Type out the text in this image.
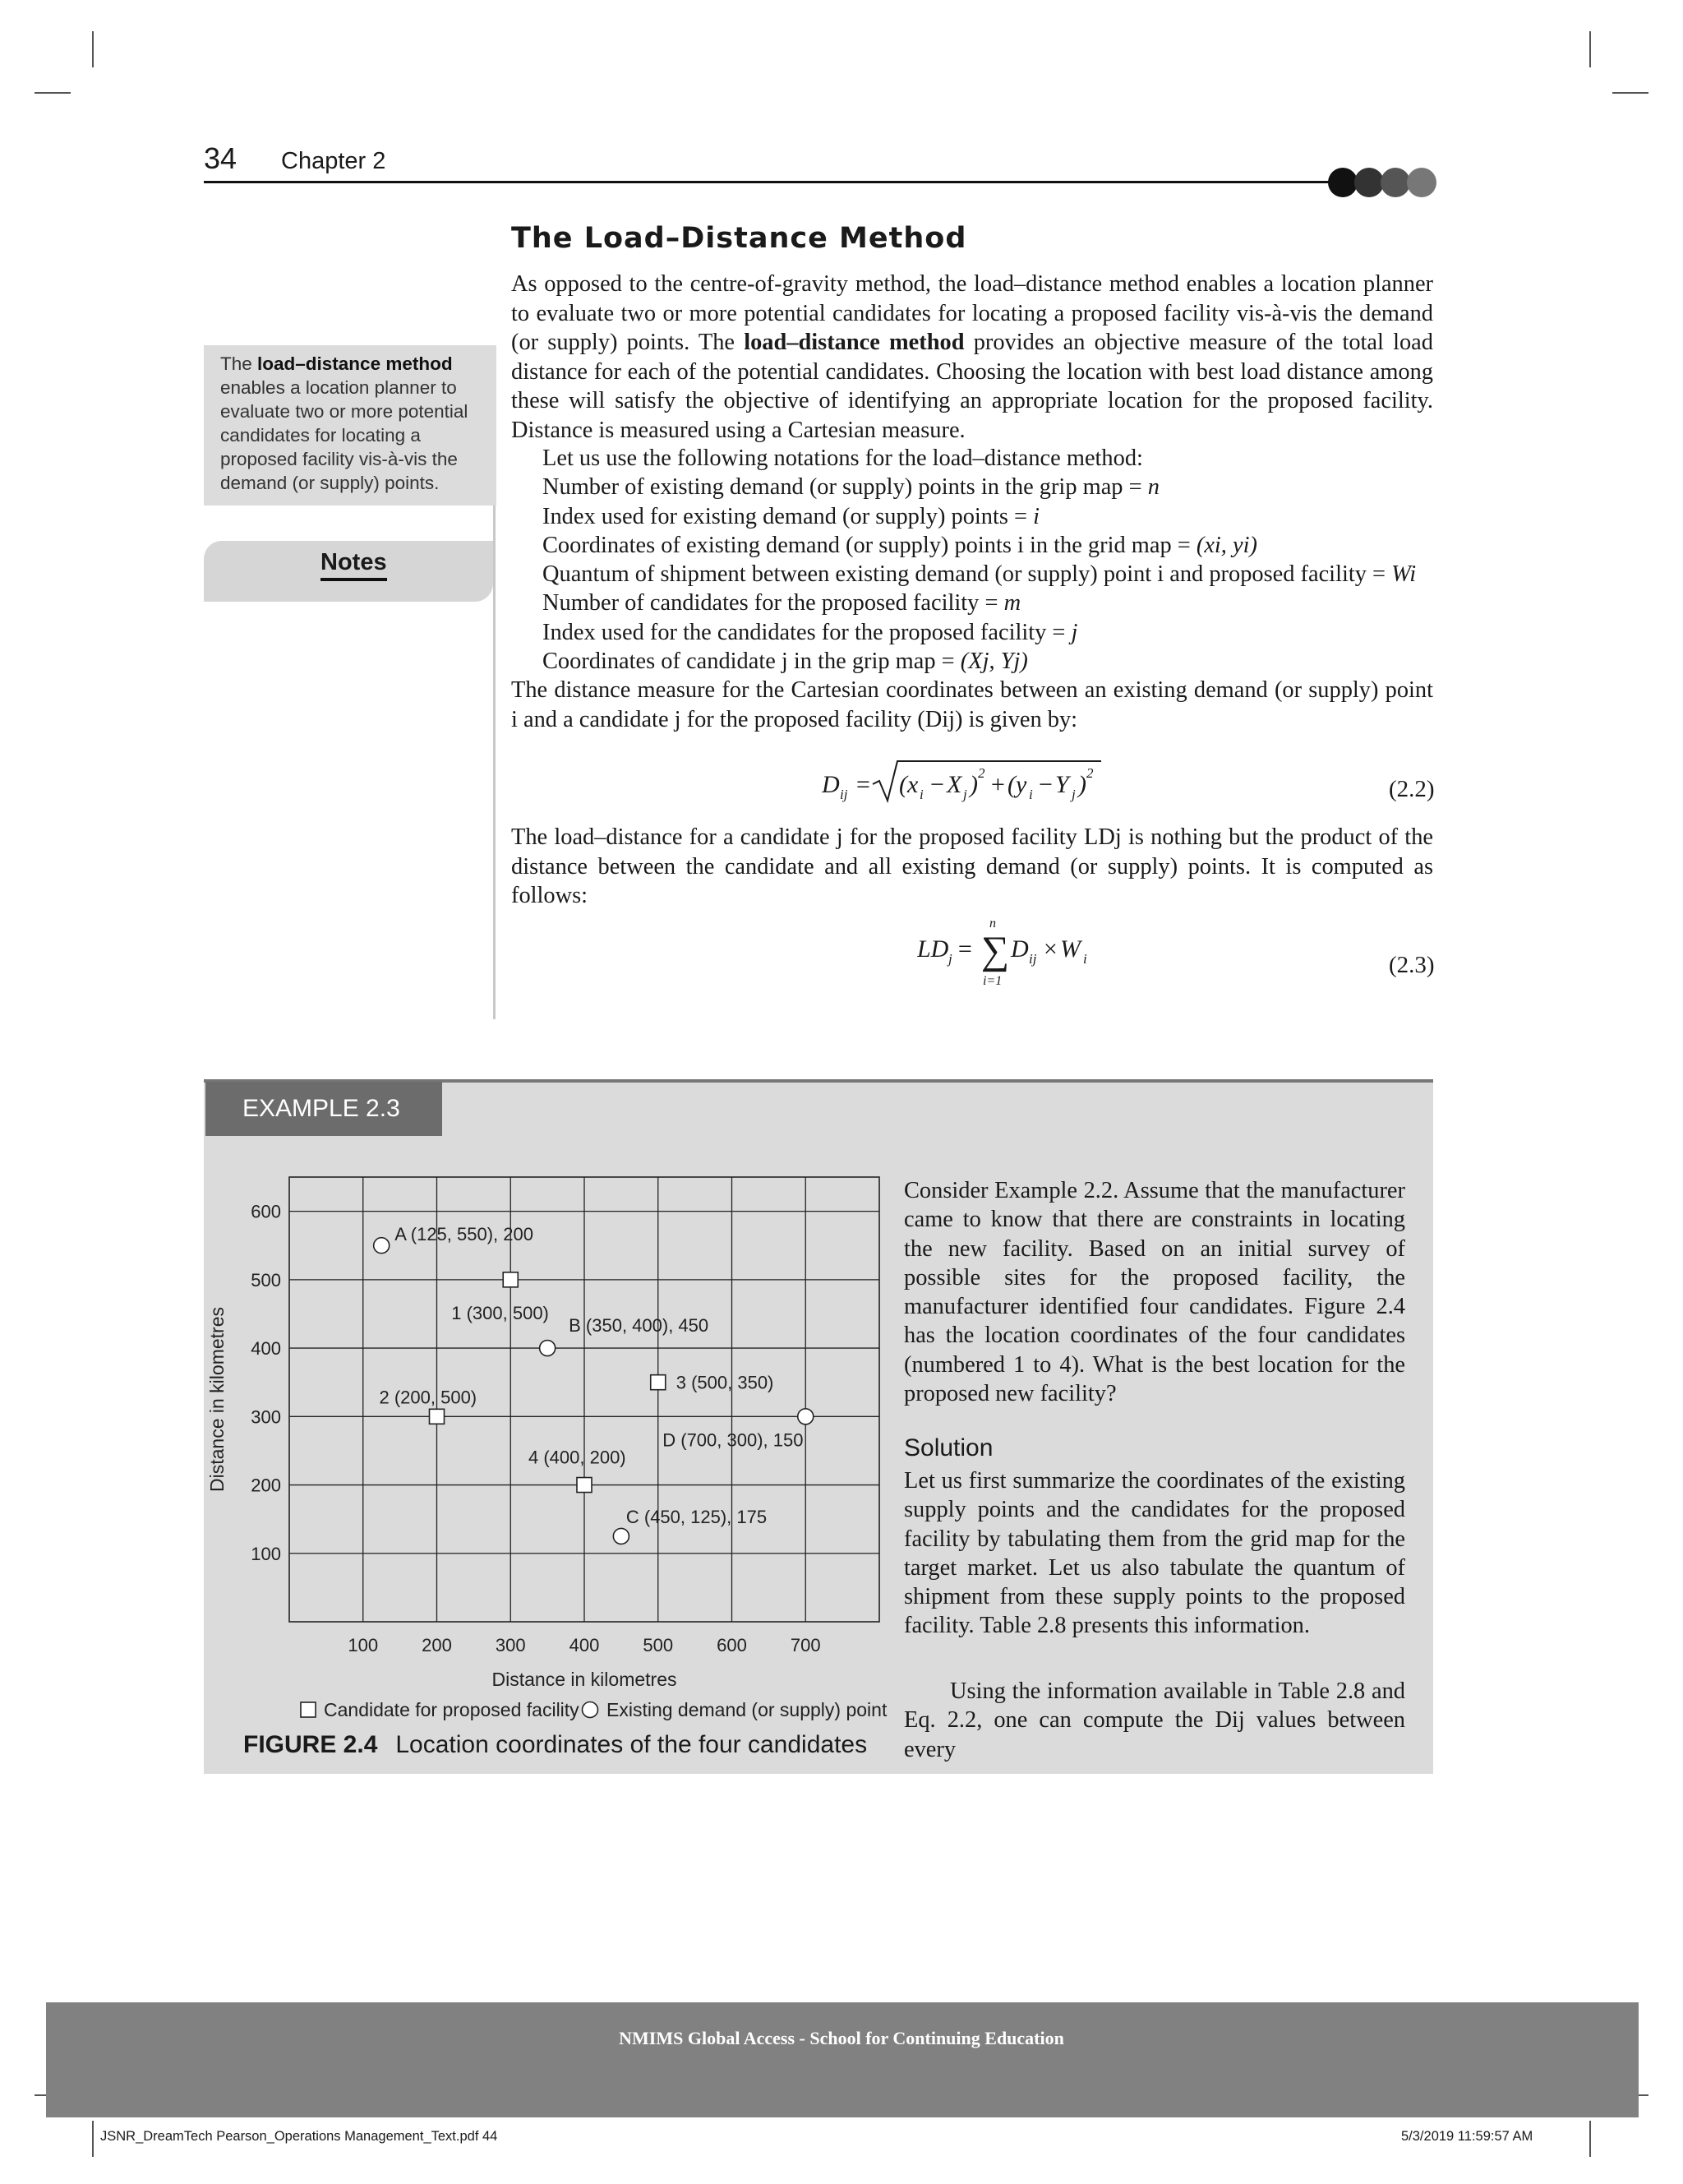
34 Chapter 2
The load–distance method enables a location planner to evaluate two or more potential candidates for locating a proposed facility vis-à-vis the demand (or supply) points.
Notes
The Load–Distance Method
As opposed to the centre-of-gravity method, the load–distance method enables a location planner to evaluate two or more potential candidates for locating a proposed facility vis-à-vis the demand (or supply) points. The load–distance method provides an objective measure of the total load distance for each of the potential candidates. Choosing the location with best load distance among these will satisfy the objective of identifying an appropriate location for the proposed facility. Distance is measured using a Cartesian measure.
Let us use the following notations for the load–distance method:
Number of existing demand (or supply) points in the grip map = n
Index used for existing demand (or supply) points = i
Coordinates of existing demand (or supply) points i in the grid map = (xi, yi)
Quantum of shipment between existing demand (or supply) point i and proposed facility = Wi
Number of candidates for the proposed facility = m
Index used for the candidates for the proposed facility = j
Coordinates of candidate j in the grip map = (Xj, Yj)
The distance measure for the Cartesian coordinates between an existing demand (or supply) point i and a candidate j for the proposed facility (Dij) is given by:
D ij = (x i − X j ) 2 + (y i − Y j ) 2
(2.2)
The load–distance for a candidate j for the proposed facility LDj is nothing but the product of the distance between the candidate and all existing demand (or supply) points. It is computed as follows:
LD j = ∑
n
i=1
D ij × W i	(2.3)
EXAMPLE 2.3
100 200 300 400 500 600 700
100
200
300
400
500
600
Distance in kilometres
Distance in kilometres	1 (300, 500)
2 (200, 500)
3 (500, 350)
4 (400, 200)
A (125, 550), 200
B (350, 400), 450
C (450, 125), 175
D (700, 300), 150
Candidate for proposed facility Existing demand (or supply) point
FIGURE 2.4 Location coordinates of the four candidates
Consider Example 2.2. Assume that the manufacturer came to know that there are constraints in locating the new facility. Based on an initial survey of possible sites for the proposed facility, the manufacturer identified four candidates. Figure 2.4 has the location coordinates of the four candidates (numbered 1 to 4). What is the best location for the proposed new facility?
Solution
Let us first summarize the coordinates of the existing supply points and the candidates for the proposed facility by tabulating them from the grid map for the target market. Let us also tabulate the quantum of shipment from these supply points to the proposed facility. Table 2.8 presents this information.
Using the information available in Table 2.8 and Eq. 2.2, one can compute the Dij values between every
NMIMS Global Access - School for Continuing Education
JSNR_DreamTech Pearson_Operations Management_Text.pdf 44	5/3/2019 11:59:57 AM
